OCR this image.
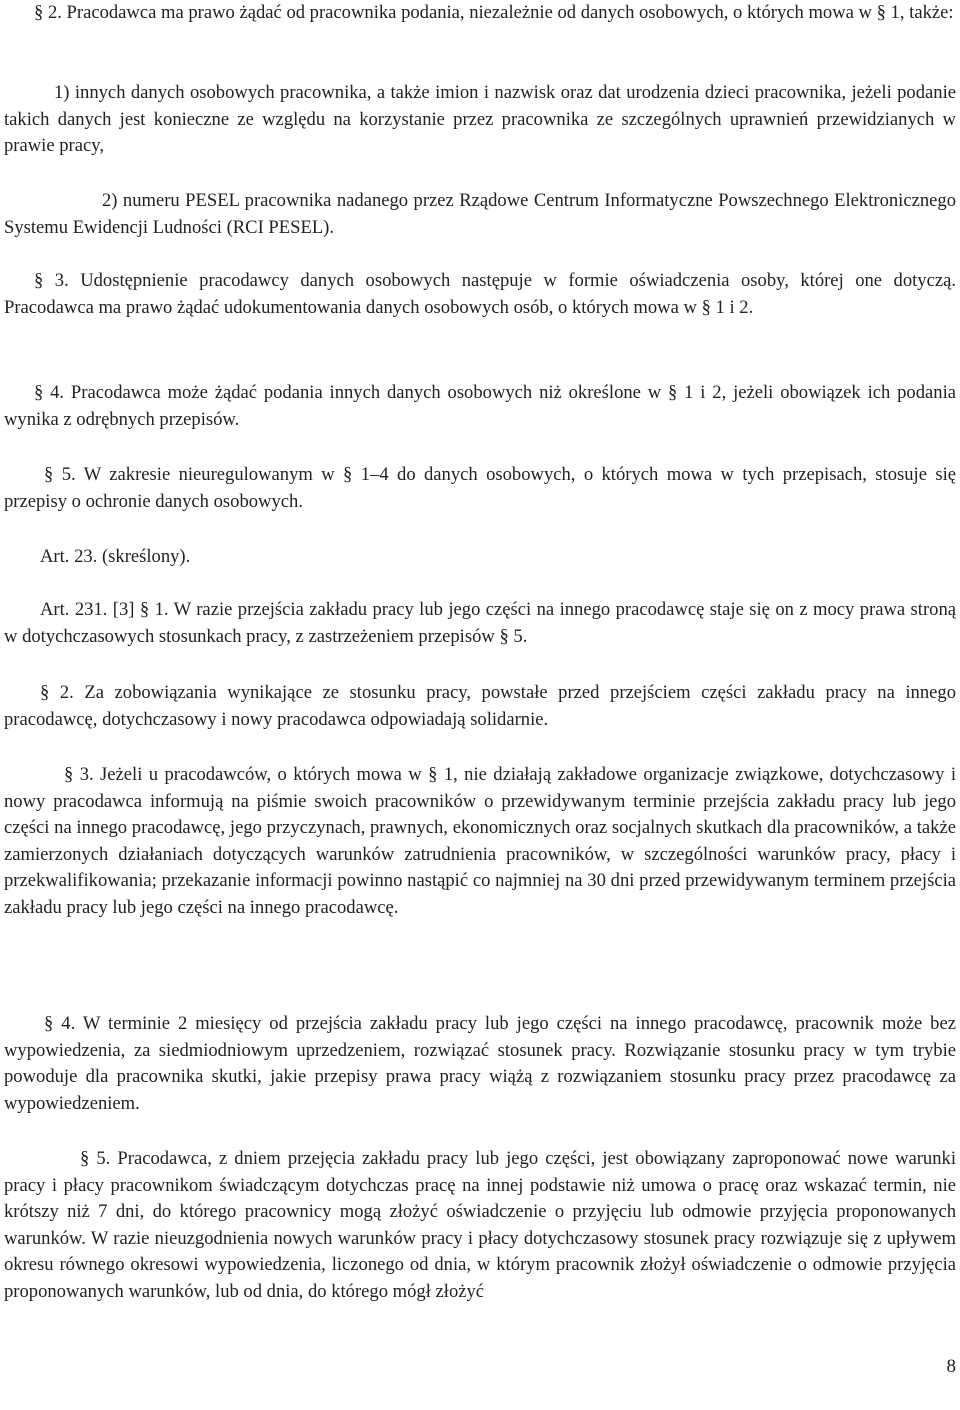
§ 2. Pracodawca ma prawo żądać od pracownika podania, niezależnie od danych osobowych, o których mowa w § 1, także:

1) innych danych osobowych pracownika, a także imion i nazwisk oraz dat urodzenia dzieci pracownika, jeżeli podanie takich danych jest konieczne ze względu na korzystanie przez pracownika ze szczególnych uprawnień przewidzianych w prawie pracy,

2) numeru PESEL pracownika nadanego przez Rządowe Centrum Informatyczne Powszechnego Elektronicznego Systemu Ewidencji Ludności (RCI PESEL).

§ 3. Udostępnienie pracodawcy danych osobowych następuje w formie oświadczenia osoby, której one dotyczą. Pracodawca ma prawo żądać udokumentowania danych osobowych osób, o których mowa w § 1 i 2.

§ 4. Pracodawca może żądać podania innych danych osobowych niż określone w § 1 i 2, jeżeli obowiązek ich podania wynika z odrębnych przepisów.

§ 5. W zakresie nieuregulowanym w § 1–4 do danych osobowych, o których mowa w tych przepisach, stosuje się przepisy o ochronie danych osobowych.

Art. 23. (skreślony).

Art. 231. [3] § 1. W razie przejścia zakładu pracy lub jego części na innego pracodawcę staje się on z mocy prawa stroną w dotychczasowych stosunkach pracy, z zastrzeżeniem przepisów § 5.

§ 2. Za zobowiązania wynikające ze stosunku pracy, powstałe przed przejściem części zakładu pracy na innego pracodawcę, dotychczasowy i nowy pracodawca odpowiadają solidarnie.

§ 3. Jeżeli u pracodawców, o których mowa w § 1, nie działają zakładowe organizacje związkowe, dotychczasowy i nowy pracodawca informują na piśmie swoich pracowników o przewidywanym terminie przejścia zakładu pracy lub jego części na innego pracodawcę, jego przyczynach, prawnych, ekonomicznych oraz socjalnych skutkach dla pracowników, a także zamierzonych działaniach dotyczących warunków zatrudnienia pracowników, w szczególności warunków pracy, płacy i przekwalifikowania; przekazanie informacji powinno nastąpić co najmniej na 30 dni przed przewidywanym terminem przejścia zakładu pracy lub jego części na innego pracodawcę.

§ 4. W terminie 2 miesięcy od przejścia zakładu pracy lub jego części na innego pracodawcę, pracownik może bez wypowiedzenia, za siedmiodniowym uprzedzeniem, rozwiązać stosunek pracy. Rozwiązanie stosunku pracy w tym trybie powoduje dla pracownika skutki, jakie przepisy prawa pracy wiążą z rozwiązaniem stosunku pracy przez pracodawcę za wypowiedzeniem.

§ 5. Pracodawca, z dniem przejęcia zakładu pracy lub jego części, jest obowiązany zaproponować nowe warunki pracy i płacy pracownikom świadczącym dotychczas pracę na innej podstawie niż umowa o pracę oraz wskazać termin, nie krótszy niż 7 dni, do którego pracownicy mogą złożyć oświadczenie o przyjęciu lub odmowie przyjęcia proponowanych warunków. W razie nieuzgodnienia nowych warunków pracy i płacy dotychczasowy stosunek pracy rozwiązuje się z upływem okresu równego okresowi wypowiedzenia, liczonego od dnia, w którym pracownik złożył oświadczenie o odmowie przyjęcia proponowanych warunków, lub od dnia, do którego mógł złożyć

8
